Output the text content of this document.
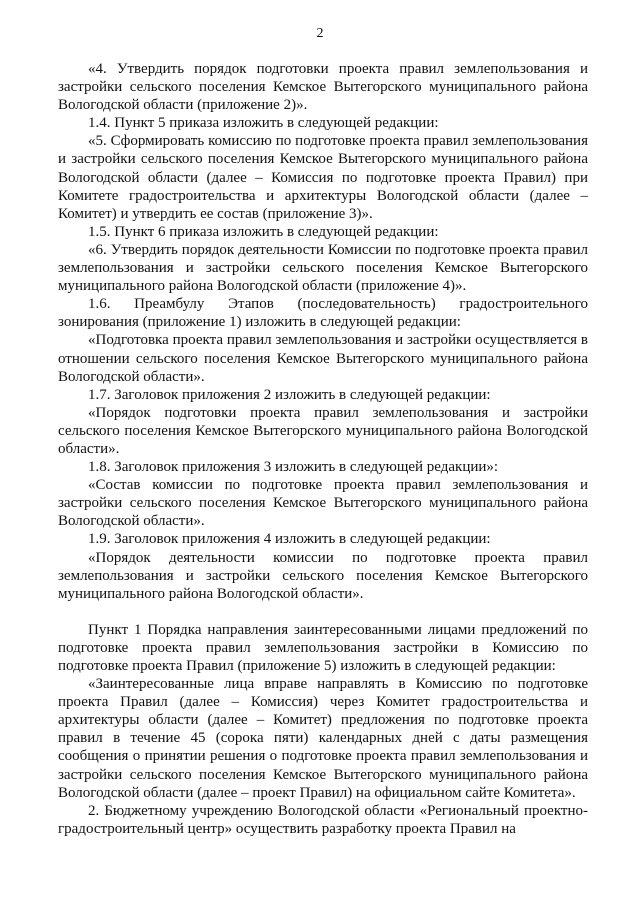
2

«4. Утвердить порядок подготовки проекта правил землепользования и застройки сельского поселения Кемское Вытегорского муниципального района Вологодской области (приложение 2)».

1.4. Пункт 5 приказа изложить в следующей редакции:

«5. Сформировать комиссию по подготовке проекта правил землепользования и застройки сельского поселения Кемское Вытегорского муниципального района Вологодской области (далее – Комиссия по подготовке проекта Правил) при Комитете градостроительства и архитектуры Вологодской области (далее – Комитет) и утвердить ее состав (приложение 3)».

1.5. Пункт 6 приказа изложить в следующей редакции:

«6. Утвердить порядок деятельности Комиссии по подготовке проекта правил землепользования и застройки сельского поселения Кемское Вытегорского муниципального района Вологодской области (приложение 4)».

1.6. Преамбулу Этапов (последовательность) градостроительного зонирования (приложение 1) изложить в следующей редакции:

«Подготовка проекта правил землепользования и застройки осуществляется в отношении сельского поселения Кемское Вытегорского муниципального района Вологодской области».

1.7. Заголовок приложения 2 изложить в следующей редакции:

«Порядок подготовки проекта правил землепользования и застройки сельского поселения Кемское Вытегорского муниципального района Вологодской области».

1.8. Заголовок приложения 3 изложить в следующей редакции»:

«Состав комиссии по подготовке проекта правил землепользования и застройки сельского поселения Кемское Вытегорского муниципального района Вологодской области».

1.9. Заголовок приложения 4 изложить в следующей редакции:

«Порядок деятельности комиссии по подготовке проекта правил землепользования и застройки сельского поселения Кемское Вытегорского муниципального района Вологодской области».

Пункт 1 Порядка направления заинтересованными лицами предложений по подготовке проекта правил землепользования застройки в Комиссию по подготовке проекта Правил (приложение 5) изложить в следующей редакции:

«Заинтересованные лица вправе направлять в Комиссию по подготовке проекта Правил (далее – Комиссия) через Комитет градостроительства и архитектуры области (далее – Комитет) предложения по подготовке проекта правил в течение 45 (сорока пяти) календарных дней с даты размещения сообщения о принятии решения о подготовке проекта правил землепользования и застройки сельского поселения Кемское Вытегорского муниципального района Вологодской области (далее – проект Правил) на официальном сайте Комитета».

2. Бюджетному учреждению Вологодской области «Региональный проектно-градостроительный центр» осуществить разработку проекта Правил на
